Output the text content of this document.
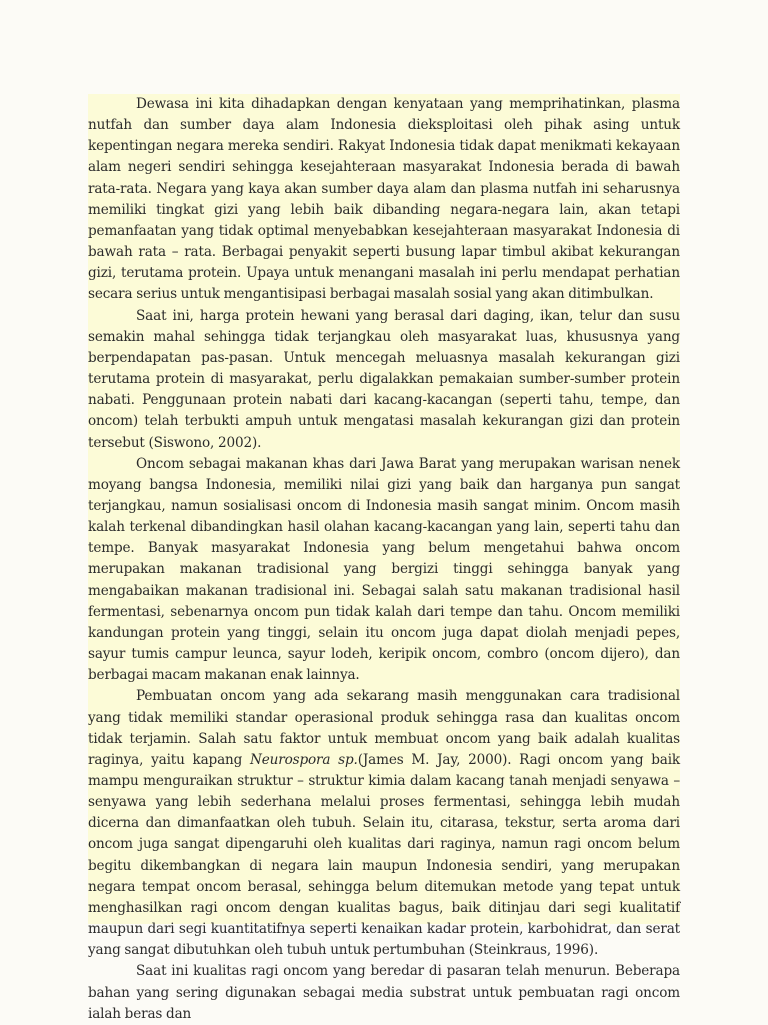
Dewasa ini kita dihadapkan dengan kenyataan yang memprihatinkan, plasma nutfah dan sumber daya alam Indonesia dieksploitasi oleh pihak asing untuk kepentingan negara mereka sendiri. Rakyat Indonesia tidak dapat menikmati kekayaan alam negeri sendiri sehingga kesejahteraan masyarakat Indonesia berada di bawah rata-rata. Negara yang kaya akan sumber daya alam dan plasma nutfah ini seharusnya memiliki tingkat gizi yang lebih baik dibanding negara-negara lain, akan tetapi pemanfaatan yang tidak optimal menyebabkan kesejahteraan masyarakat Indonesia di bawah rata – rata. Berbagai penyakit seperti busung lapar timbul akibat kekurangan gizi, terutama protein. Upaya untuk menangani masalah ini perlu mendapat perhatian secara serius untuk mengantisipasi berbagai masalah sosial yang akan ditimbulkan.

Saat ini, harga protein hewani yang berasal dari daging, ikan, telur dan susu semakin mahal sehingga tidak terjangkau oleh masyarakat luas, khususnya yang berpendapatan pas-pasan. Untuk mencegah meluasnya masalah kekurangan gizi terutama protein di masyarakat, perlu digalakkan pemakaian sumber-sumber protein nabati. Penggunaan protein nabati dari kacang-kacangan (seperti tahu, tempe, dan oncom) telah terbukti ampuh untuk mengatasi masalah kekurangan gizi dan protein tersebut (Siswono, 2002).

Oncom sebagai makanan khas dari Jawa Barat yang merupakan warisan nenek moyang bangsa Indonesia, memiliki nilai gizi yang baik dan harganya pun sangat terjangkau, namun sosialisasi oncom di Indonesia masih sangat minim. Oncom masih kalah terkenal dibandingkan hasil olahan kacang-kacangan yang lain, seperti tahu dan tempe. Banyak masyarakat Indonesia yang belum mengetahui bahwa oncom merupakan makanan tradisional yang bergizi tinggi sehingga banyak yang mengabaikan makanan tradisional ini. Sebagai salah satu makanan tradisional hasil fermentasi, sebenarnya oncom pun tidak kalah dari tempe dan tahu. Oncom memiliki kandungan protein yang tinggi, selain itu oncom juga dapat diolah menjadi pepes, sayur tumis campur leunca, sayur lodeh, keripik oncom, combro (oncom dijero), dan berbagai macam makanan enak lainnya.

Pembuatan oncom yang ada sekarang masih menggunakan cara tradisional yang tidak memiliki standar operasional produk sehingga rasa dan kualitas oncom tidak terjamin. Salah satu faktor untuk membuat oncom yang baik adalah kualitas raginya, yaitu kapang Neurospora sp.(James M. Jay, 2000). Ragi oncom yang baik mampu menguraikan struktur – struktur kimia dalam kacang tanah menjadi senyawa – senyawa yang lebih sederhana melalui proses fermentasi, sehingga lebih mudah dicerna dan dimanfaatkan oleh tubuh. Selain itu, citarasa, tekstur, serta aroma dari oncom juga sangat dipengaruhi oleh kualitas dari raginya, namun ragi oncom belum begitu dikembangkan di negara lain maupun Indonesia sendiri, yang merupakan negara tempat oncom berasal, sehingga belum ditemukan metode yang tepat untuk menghasilkan ragi oncom dengan kualitas bagus, baik ditinjau dari segi kualitatif maupun dari segi kuantitatifnya seperti kenaikan kadar protein, karbohidrat, dan serat yang sangat dibutuhkan oleh tubuh untuk pertumbuhan (Steinkraus, 1996).

Saat ini kualitas ragi oncom yang beredar di pasaran telah menurun. Beberapa bahan yang sering digunakan sebagai media substrat untuk pembuatan ragi oncom ialah beras dan
